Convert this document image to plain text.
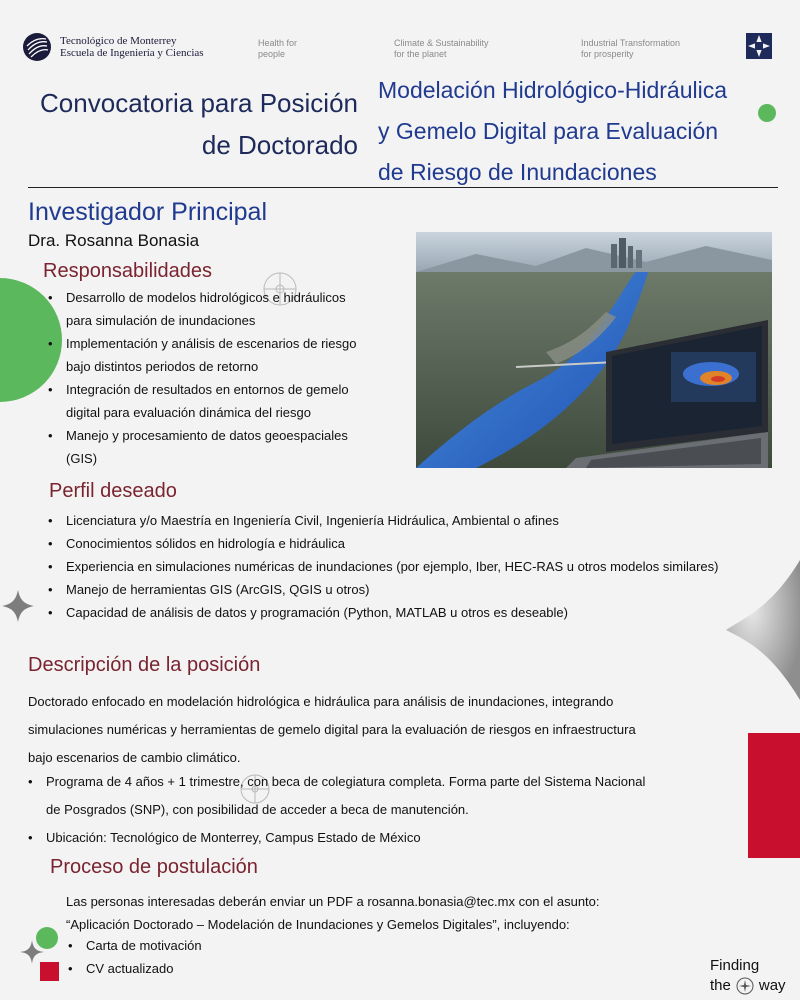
Tecnológico de Monterrey
Escuela de Ingeniería y Ciencias
Health for
people
Climate & Sustainability
for the planet
Industrial Transformation
for prosperity
Convocatoria para Posición
de Doctorado
Modelación Hidrológico-Hidráulica
y Gemelo Digital para Evaluación
de Riesgo de Inundaciones
Investigador Principal
Dra. Rosanna Bonasia
Responsabilidades
• Desarrollo de modelos hidrológicos e hidráulicos
para simulación de inundaciones
• Implementación y análisis de escenarios de riesgo
bajo distintos periodos de retorno
• Integración de resultados en entornos de gemelo
digital para evaluación dinámica del riesgo
• Manejo y procesamiento de datos geoespaciales
(GIS)
Perfil deseado
• Licenciatura y/o Maestría en Ingeniería Civil, Ingeniería Hidráulica, Ambiental o afines
• Conocimientos sólidos en hidrología e hidráulica
• Experiencia en simulaciones numéricas de inundaciones (por ejemplo, Iber, HEC-RAS u otros modelos similares)
• Manejo de herramientas GIS (ArcGIS, QGIS u otros)
• Capacidad de análisis de datos y programación (Python, MATLAB u otros es deseable)
Descripción de la posición
Doctorado enfocado en modelación hidrológica e hidráulica para análisis de inundaciones, integrando
simulaciones numéricas y herramientas de gemelo digital para la evaluación de riesgos en infraestructura
bajo escenarios de cambio climático.
• Programa de 4 años + 1 trimestre, con beca de colegiatura completa. Forma parte del Sistema Nacional
de Posgrados (SNP), con posibilidad de acceder a beca de manutención.
• Ubicación: Tecnológico de Monterrey, Campus Estado de México
Proceso de postulación
Las personas interesadas deberán enviar un PDF a rosanna.bonasia@tec.mx con el asunto:
“Aplicación Doctorado – Modelación de Inundaciones y Gemelos Digitales”, incluyendo:
• Carta de motivación
• CV actualizado	Finding
the way
